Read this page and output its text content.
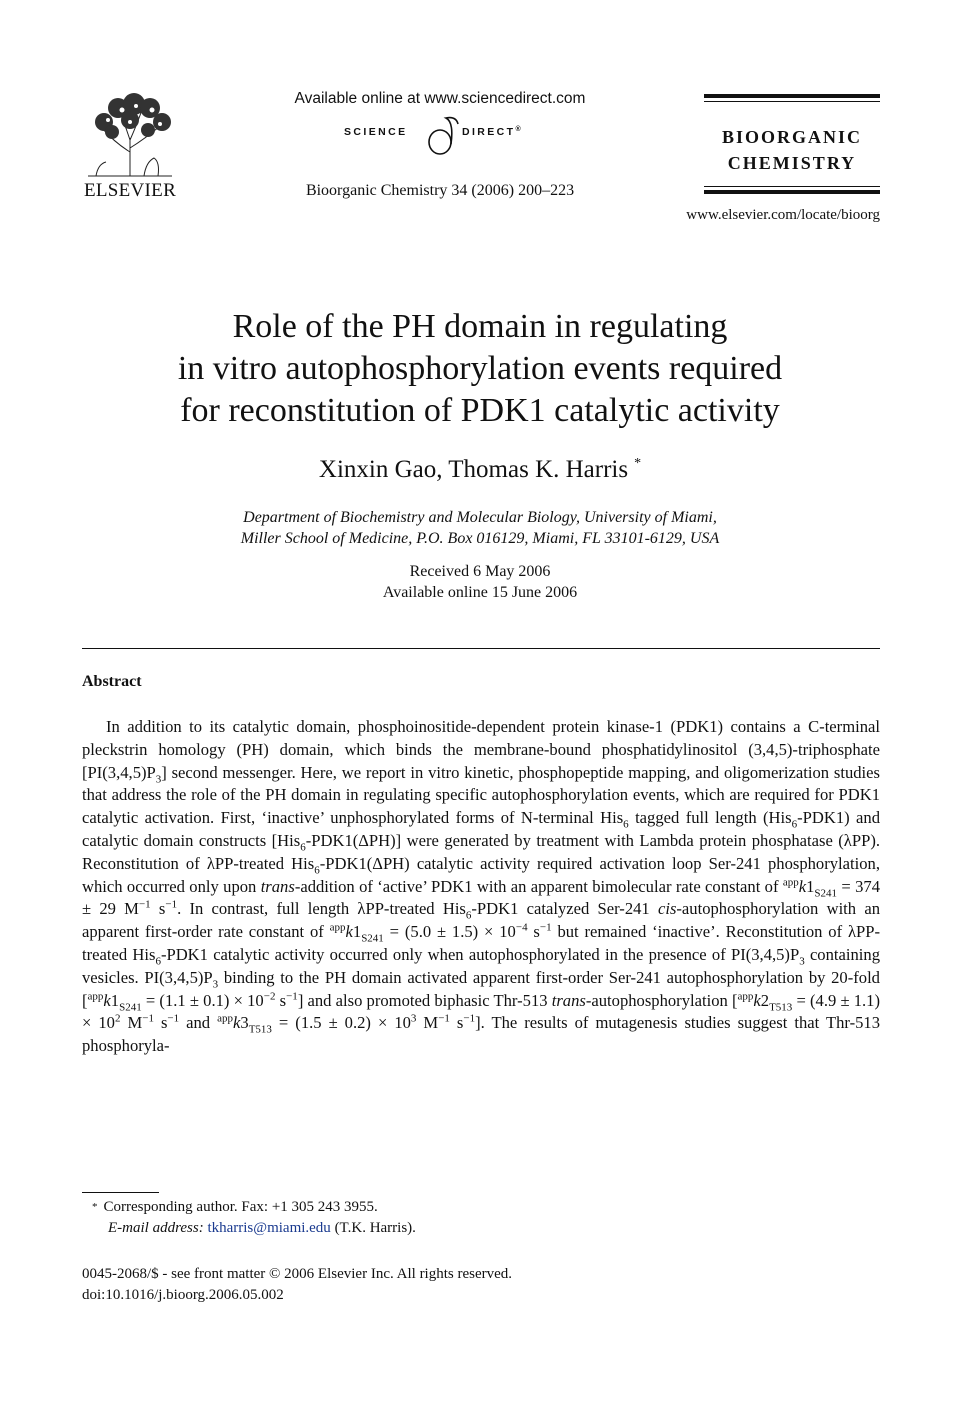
ELSEVIER
Available online at www.sciencedirect.com
SCIENCE	DIRECT®
Bioorganic Chemistry 34 (2006) 200–223
BIOORGANIC
CHEMISTRY
www.elsevier.com/locate/bioorg
Role of the PH domain in regulating
in vitro autophosphorylation events required
for reconstitution of PDK1 catalytic activity
Xinxin Gao, Thomas K. Harris *
Department of Biochemistry and Molecular Biology, University of Miami,
Miller School of Medicine, P.O. Box 016129, Miami, FL 33101-6129, USA
Received 6 May 2006
Available online 15 June 2006
Abstract

In addition to its catalytic domain, phosphoinositide-dependent protein kinase-1 (PDK1) contains a C-terminal pleckstrin homology (PH) domain, which binds the membrane-bound phosphatidylinositol (3,4,5)-triphosphate $[PI(3,4,5)P_3]$ second messenger. Here, we report in vitro kinetic, phosphopeptide mapping, and oligomerization studies that address the role of the PH domain in regulating specific autophosphorylation events, which are required for PDK1 catalytic activation. First, ‘inactive’ unphosphorylated forms of N-terminal His$_6$ tagged full length (His$_6$-PDK1) and catalytic domain constructs [His$_6$-PDK1(ΔPH)] were generated by treatment with Lambda protein phosphatase (λPP). Reconstitution of λPP-treated His$_6$-PDK1(ΔPH) catalytic activity required activation loop Ser-241 phosphorylation, which occurred only upon trans-addition of ‘active’ PDK1 with an apparent bimolecular rate constant of $^{app}k1_{S241} = 374 \pm 29$ $M^{-1}$ $s^{-1}$. In contrast, full length λPP-treated His$_6$-PDK1 catalyzed Ser-241 cis-autophosphorylation with an apparent first-order rate constant of $^{app}k1_{S241} = (5.0 \pm 1.5) \times 10^{-4}$ $s^{-1}$ but remained ‘inactive’. Reconstitution of λPP-treated His$_6$-PDK1 catalytic activity occurred only when autophosphorylated in the presence of $PI(3,4,5)P_3$ containing vesicles. $PI(3,4,5)P_3$ binding to the PH domain activated apparent first-order Ser-241 autophosphorylation by 20-fold [$^{app}k1_{S241} = (1.1 \pm 0.1) \times 10^{-2}$ $s^{-1}$] and also promoted biphasic Thr-513 trans-autophosphorylation [$^{app}k2_{T513} = (4.9 \pm 1.1) \times 10^2$ $M^{-1}$ $s^{-1}$ and $^{app}k3_{T513} = (1.5 \pm 0.2) \times 10^3$ $M^{-1}$ $s^{-1}$]. The results of mutagenesis studies suggest that Thr-513 phosphoryla-

* Corresponding author. Fax: +1 305 243 3955.
E-mail address: tkharris@miami.edu (T.K. Harris).
0045-2068/$ - see front matter © 2006 Elsevier Inc. All rights reserved.
doi:10.1016/j.bioorg.2006.05.002
